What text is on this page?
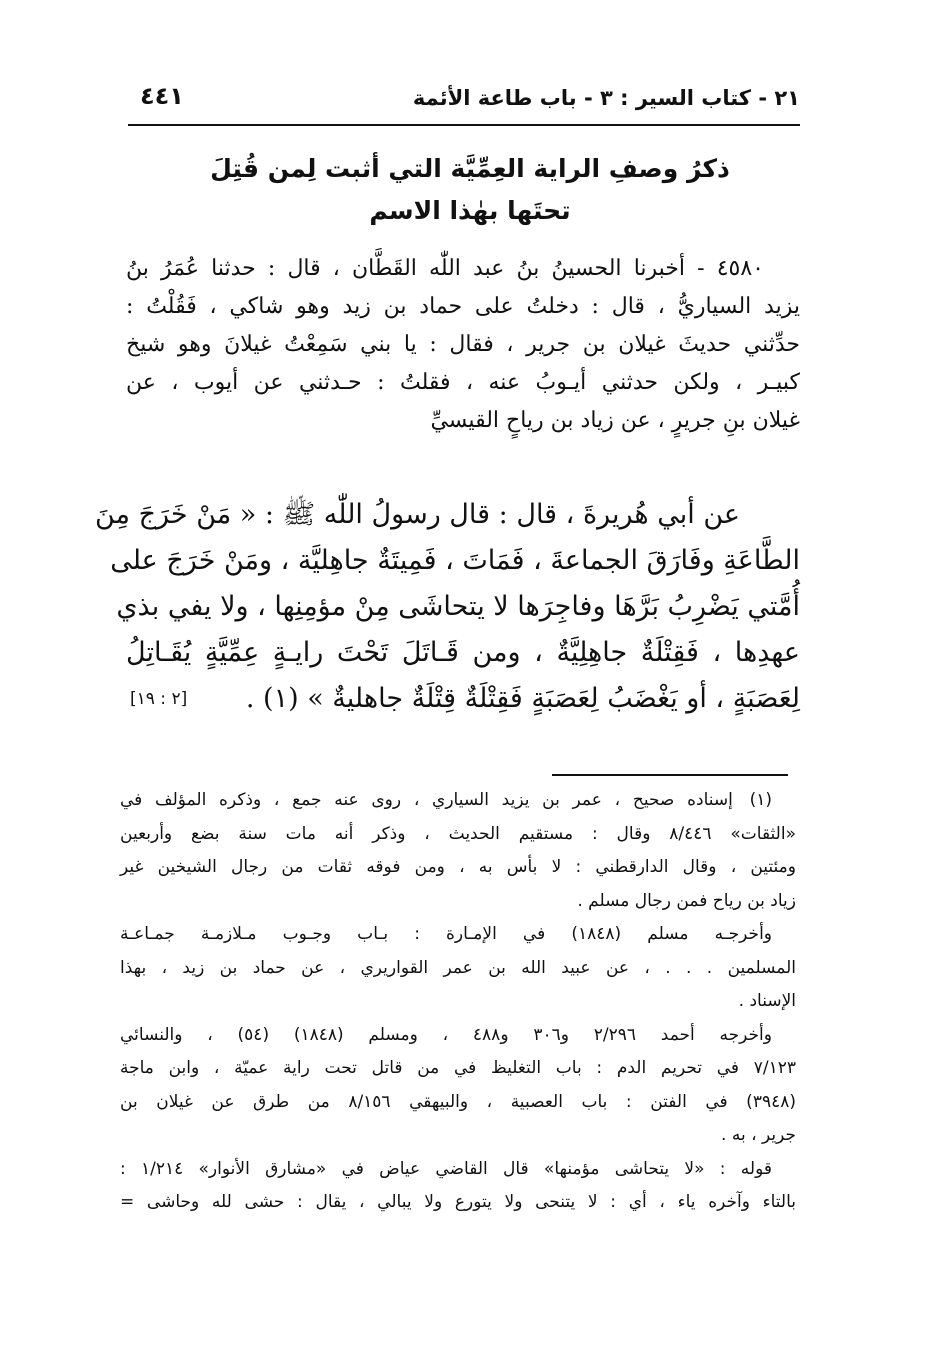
٢١ - كتاب السير : ٣ - باب طاعة الأئمة
٤٤١
ذكرُ وصفِ الراية العِمِّيَّة التي أثبت لِمن قُتِلَ
تحتَها بهٰذا الاسم
٤٥٨٠ - أخبرنا الحسينُ بنُ عبد اللّٰه القَطَّان ، قال : حدثنا عُمَرُ بنُ
يزيد السياريُّ ، قال : دخلتُ على حماد بن زيد وهو شاكي ، فَقُلْتُ :
حدِّثني حديثَ غيلان بن جرير ، فقال : يا بني سَمِعْتُ غيلانَ وهو شيخ
كبيـر ، ولكن حدثني أيـوبُ عنه ، فقلتُ : حـدثني عن أيوب ، عن
غيلان بنِ جريرٍ ، عن زياد بن رياحٍ القيسيِّ
عن أبي هُريرةَ ، قال : قال رسولُ اللّٰه ﷺ : « مَنْ خَرَجَ مِنَ
الطَّاعَةِ وفَارَقَ الجماعةَ ، فَمَاتَ ، فَمِيتَةٌ جاهِليَّة ، ومَنْ خَرَجَ على
أُمَّتي يَضْرِبُ بَرَّهَا وفاجِرَها لا يتحاشَى مِنْ مؤمِنِها ، ولا يفي بذي
عهدِها ، فَقِتْلَةٌ جاهِلِيَّةٌ ، ومن قَـاتَلَ تَحْتَ رايـةٍ عِمِّيَّةٍ يُقَـاتِلُ
لِعَصَبَةٍ ، أو يَغْضَبُ لِعَصَبَةٍ فَقِتْلَةٌ قِتْلَةٌ جاهليةٌ » (١) .
[٢ : ١٩]
(١) إسناده صحيح ، عمر بن يزيد السياري ، روى عنه جمع ، وذكره المؤلف في
«الثقات» ٨/٤٤٦ وقال : مستقيم الحديث ، وذكر أنه مات سنة بضع وأربعين
ومئتين ، وقال الدارقطني : لا بأس به ، ومن فوقه ثقات من رجال الشيخين غير
زياد بن رياح فمن رجال مسلم .
وأخرجـه مسلم (١٨٤٨) في الإمـارة : بـاب وجـوب مـلازمـة جمـاعـة
المسلمين . . . ، عن عبيد الله بن عمر القواريري ، عن حماد بن زيد ، بهذا
الإسناد .
وأخرجه أحمد ٢/٢٩٦ و٣٠٦ و٤٨٨ ، ومسلم (١٨٤٨) (٥٤) ، والنسائي
٧/١٢٣ في تحريم الدم : باب التغليظ في من قاتل تحت راية عميّة ، وابن ماجة
(٣٩٤٨) في الفتن : باب العصبية ، والبيهقي ٨/١٥٦ من طرق عن غيلان بن
جرير ، به .
قوله : «لا يتحاشى مؤمنها» قال القاضي عياض في «مشارق الأنوار» ١/٢١٤ :
بالتاء وآخره ياء ، أي : لا يتنحى ولا يتورع ولا يبالي ، يقال : حشى لله وحاشى =
